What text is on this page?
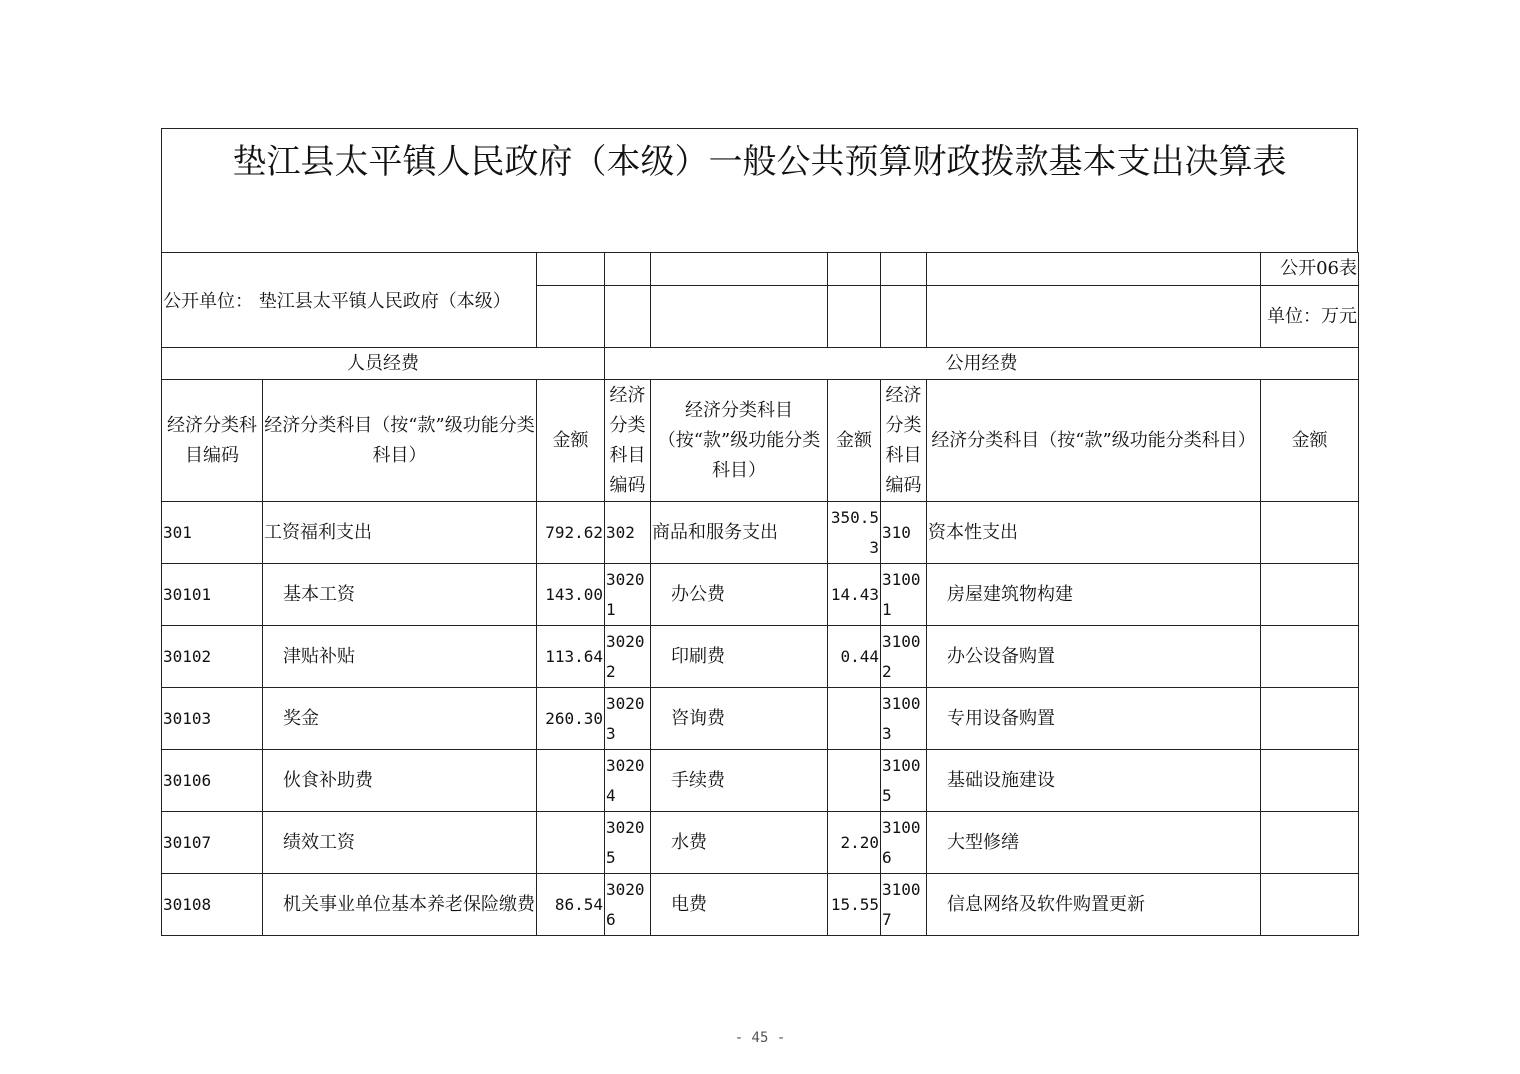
垫江县太平镇人民政府（本级）一般公共预算财政拨款基本支出决算表
公开单位： 垫江县太平镇人民政府（本级）								公开06表
								单位：万元
人员经费			公用经费					
经济分类科目编码	经济分类科目（按“款”级功能分类科目）	金额	经济分类科目编码	经济分类科目（按“款”级功能分类科目）	金额	经济分类科目编码	经济分类科目（按“款”级功能分类科目）	金额
301	工资福利支出	792.62	302	商品和服务支出	350.53	310	资本性支出	
30101	基本工资	143.00	30201	办公费	14.43	31001	房屋建筑物构建	
30102	津贴补贴	113.64	30202	印刷费	0.44	31002	办公设备购置	
30103	奖金	260.30	30203	咨询费		31003	专用设备购置	
30106	伙食补助费		30204	手续费		31005	基础设施建设	
30107	绩效工资		30205	水费	2.20	31006	大型修缮	
30108	机关事业单位基本养老保险缴费	86.54	30206	电费	15.55	31007	信息网络及软件购置更新	
- 45 -
